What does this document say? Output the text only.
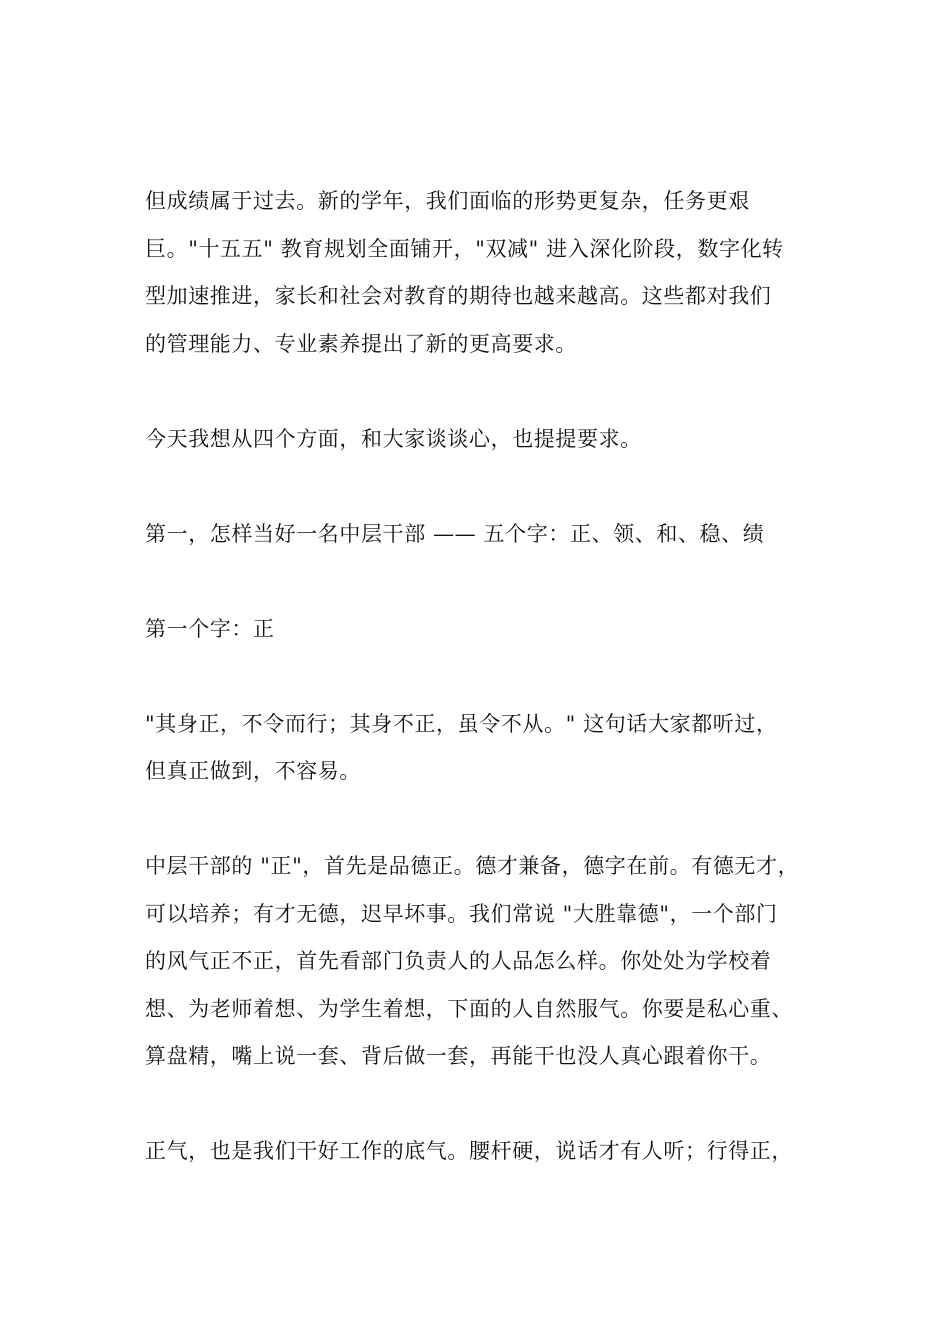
但成绩属于过去。新的学年，我们面临的形势更复杂，任务更艰
巨。"十五五" 教育规划全面铺开，"双减" 进入深化阶段，数字化转
型加速推进，家长和社会对教育的期待也越来越高。这些都对我们
的管理能力、专业素养提出了新的更高要求。

今天我想从四个方面，和大家谈谈心，也提提要求。

第一，怎样当好一名中层干部 —— 五个字：正、领、和、稳、绩

第一个字：正

"其身正，不令而行；其身不正，虽令不从。" 这句话大家都听过，
但真正做到，不容易。

中层干部的 "正"，首先是品德正。德才兼备，德字在前。有德无才，
可以培养；有才无德，迟早坏事。我们常说 "大胜靠德"，一个部门
的风气正不正，首先看部门负责人的人品怎么样。你处处为学校着
想、为老师着想、为学生着想，下面的人自然服气。你要是私心重、
算盘精，嘴上说一套、背后做一套，再能干也没人真心跟着你干。

正气，也是我们干好工作的底气。腰杆硬，说话才有人听；行得正，
